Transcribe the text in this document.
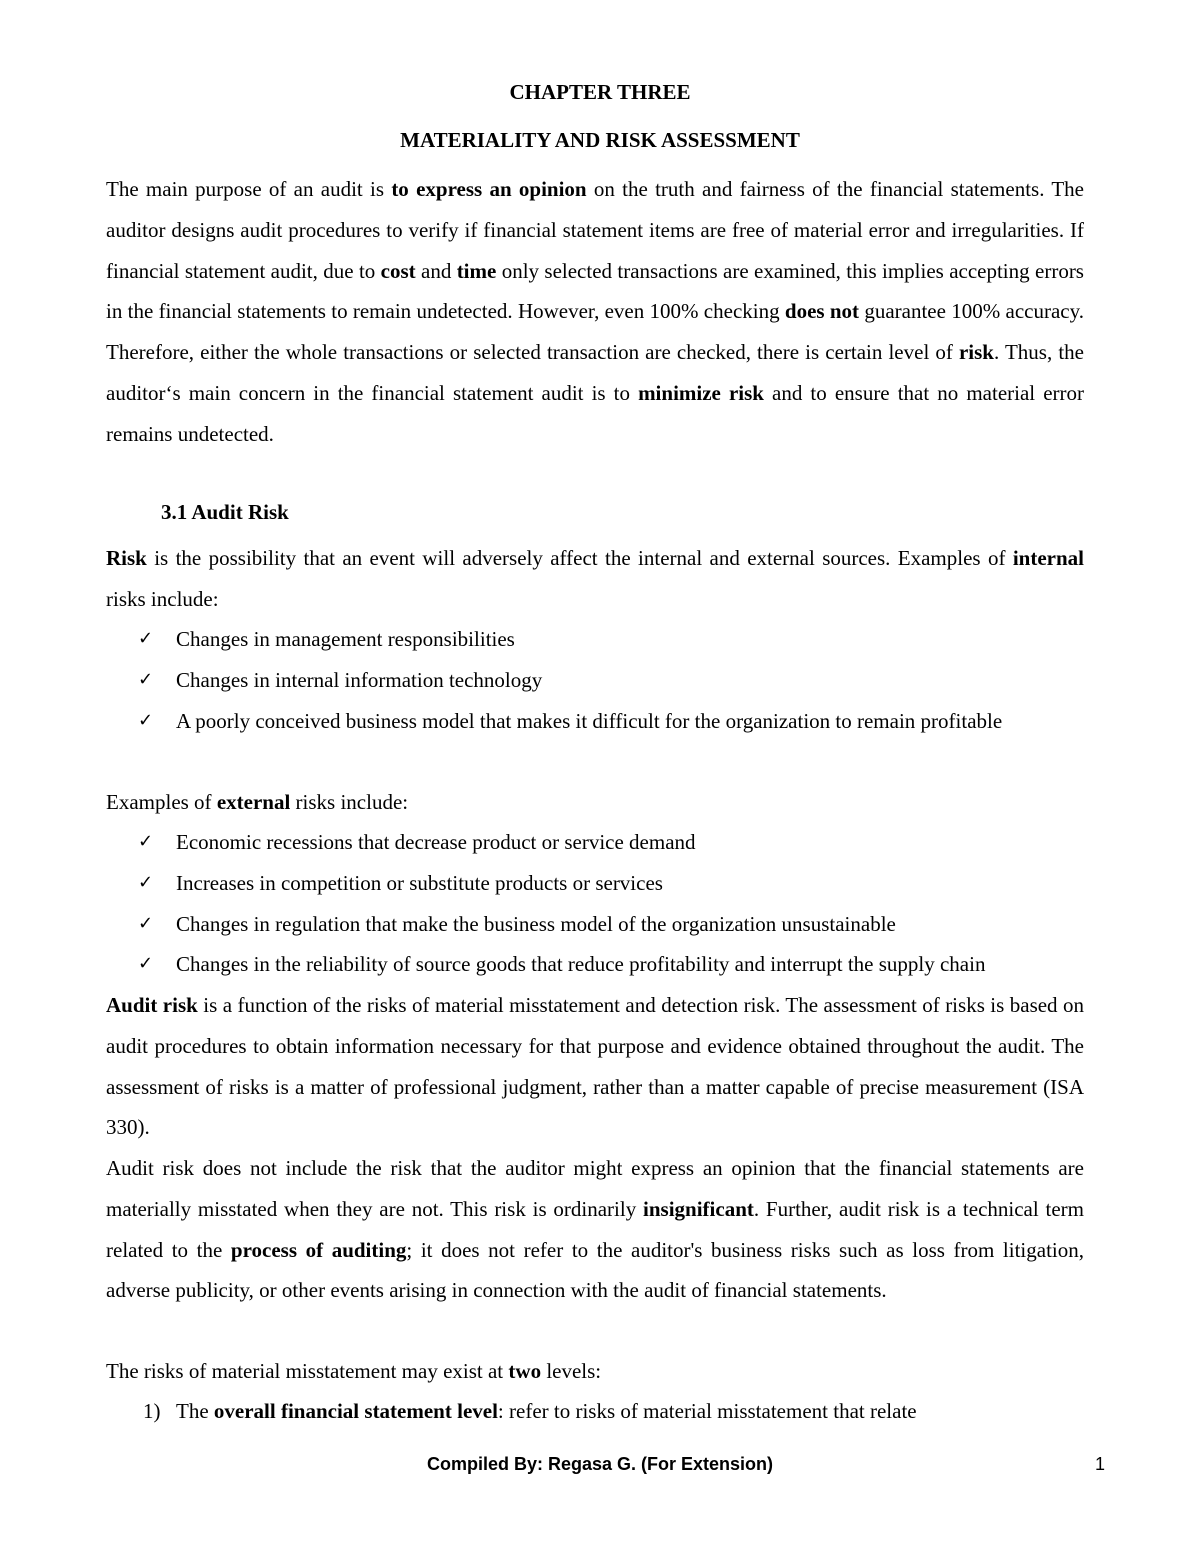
CHAPTER THREE
MATERIALITY AND RISK ASSESSMENT

The main purpose of an audit is to express an opinion on the truth and fairness of the financial statements. The auditor designs audit procedures to verify if financial statement items are free of material error and irregularities. If financial statement audit, due to cost and time only selected transactions are examined, this implies accepting errors in the financial statements to remain undetected. However, even 100% checking does not guarantee 100% accuracy. Therefore, either the whole transactions or selected transaction are checked, there is certain level of risk. Thus, the auditor‘s main concern in the financial statement audit is to minimize risk and to ensure that no material error remains undetected.

3.1 Audit Risk

Risk is the possibility that an event will adversely affect the internal and external sources. Examples of internal risks include:

✓	Changes in management responsibilities
✓	Changes in internal information technology
✓	A poorly conceived business model that makes it difficult for the organization to remain profitable

Examples of external risks include:

✓	Economic recessions that decrease product or service demand
✓	Increases in competition or substitute products or services
✓	Changes in regulation that make the business model of the organization unsustainable
✓	Changes in the reliability of source goods that reduce profitability and interrupt the supply chain

Audit risk is a function of the risks of material misstatement and detection risk. The assessment of risks is based on audit procedures to obtain information necessary for that purpose and evidence obtained throughout the audit. The assessment of risks is a matter of professional judgment, rather than a matter capable of precise measurement (ISA 330).

Audit risk does not include the risk that the auditor might express an opinion that the financial statements are materially misstated when they are not. This risk is ordinarily insignificant. Further, audit risk is a technical term related to the process of auditing; it does not refer to the auditor's business risks such as loss from litigation, adverse publicity, or other events arising in connection with the audit of financial statements.

The risks of material misstatement may exist at two levels:

1) The overall financial statement level: refer to risks of material misstatement that relate
Compiled By: Regasa G. (For Extension)	1
